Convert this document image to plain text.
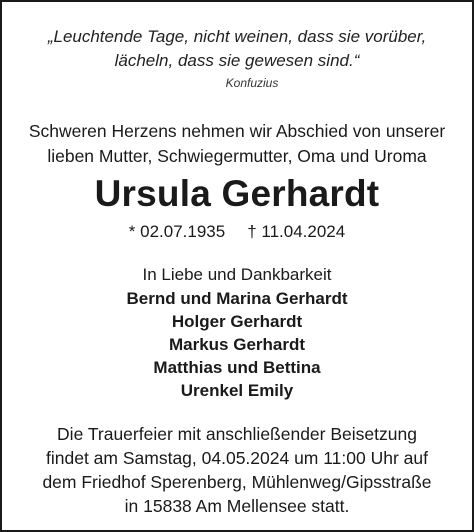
„Leuchtende Tage, nicht weinen, dass sie vorüber,
lächeln, dass sie gewesen sind.“
Konfuzius
Schweren Herzens nehmen wir Abschied von unserer
lieben Mutter, Schwiegermutter, Oma und Uroma
Ursula Gerhardt
* 02.07.1935 † 11.04.2024
In Liebe und Dankbarkeit
Bernd und Marina Gerhardt
Holger Gerhardt
Markus Gerhardt
Matthias und Bettina
Urenkel Emily
Die Trauerfeier mit anschließender Beisetzung
findet am Samstag, 04.05.2024 um 11:00 Uhr auf
dem Friedhof Sperenberg, Mühlenweg/Gipsstraße
in 15838 Am Mellensee statt.
